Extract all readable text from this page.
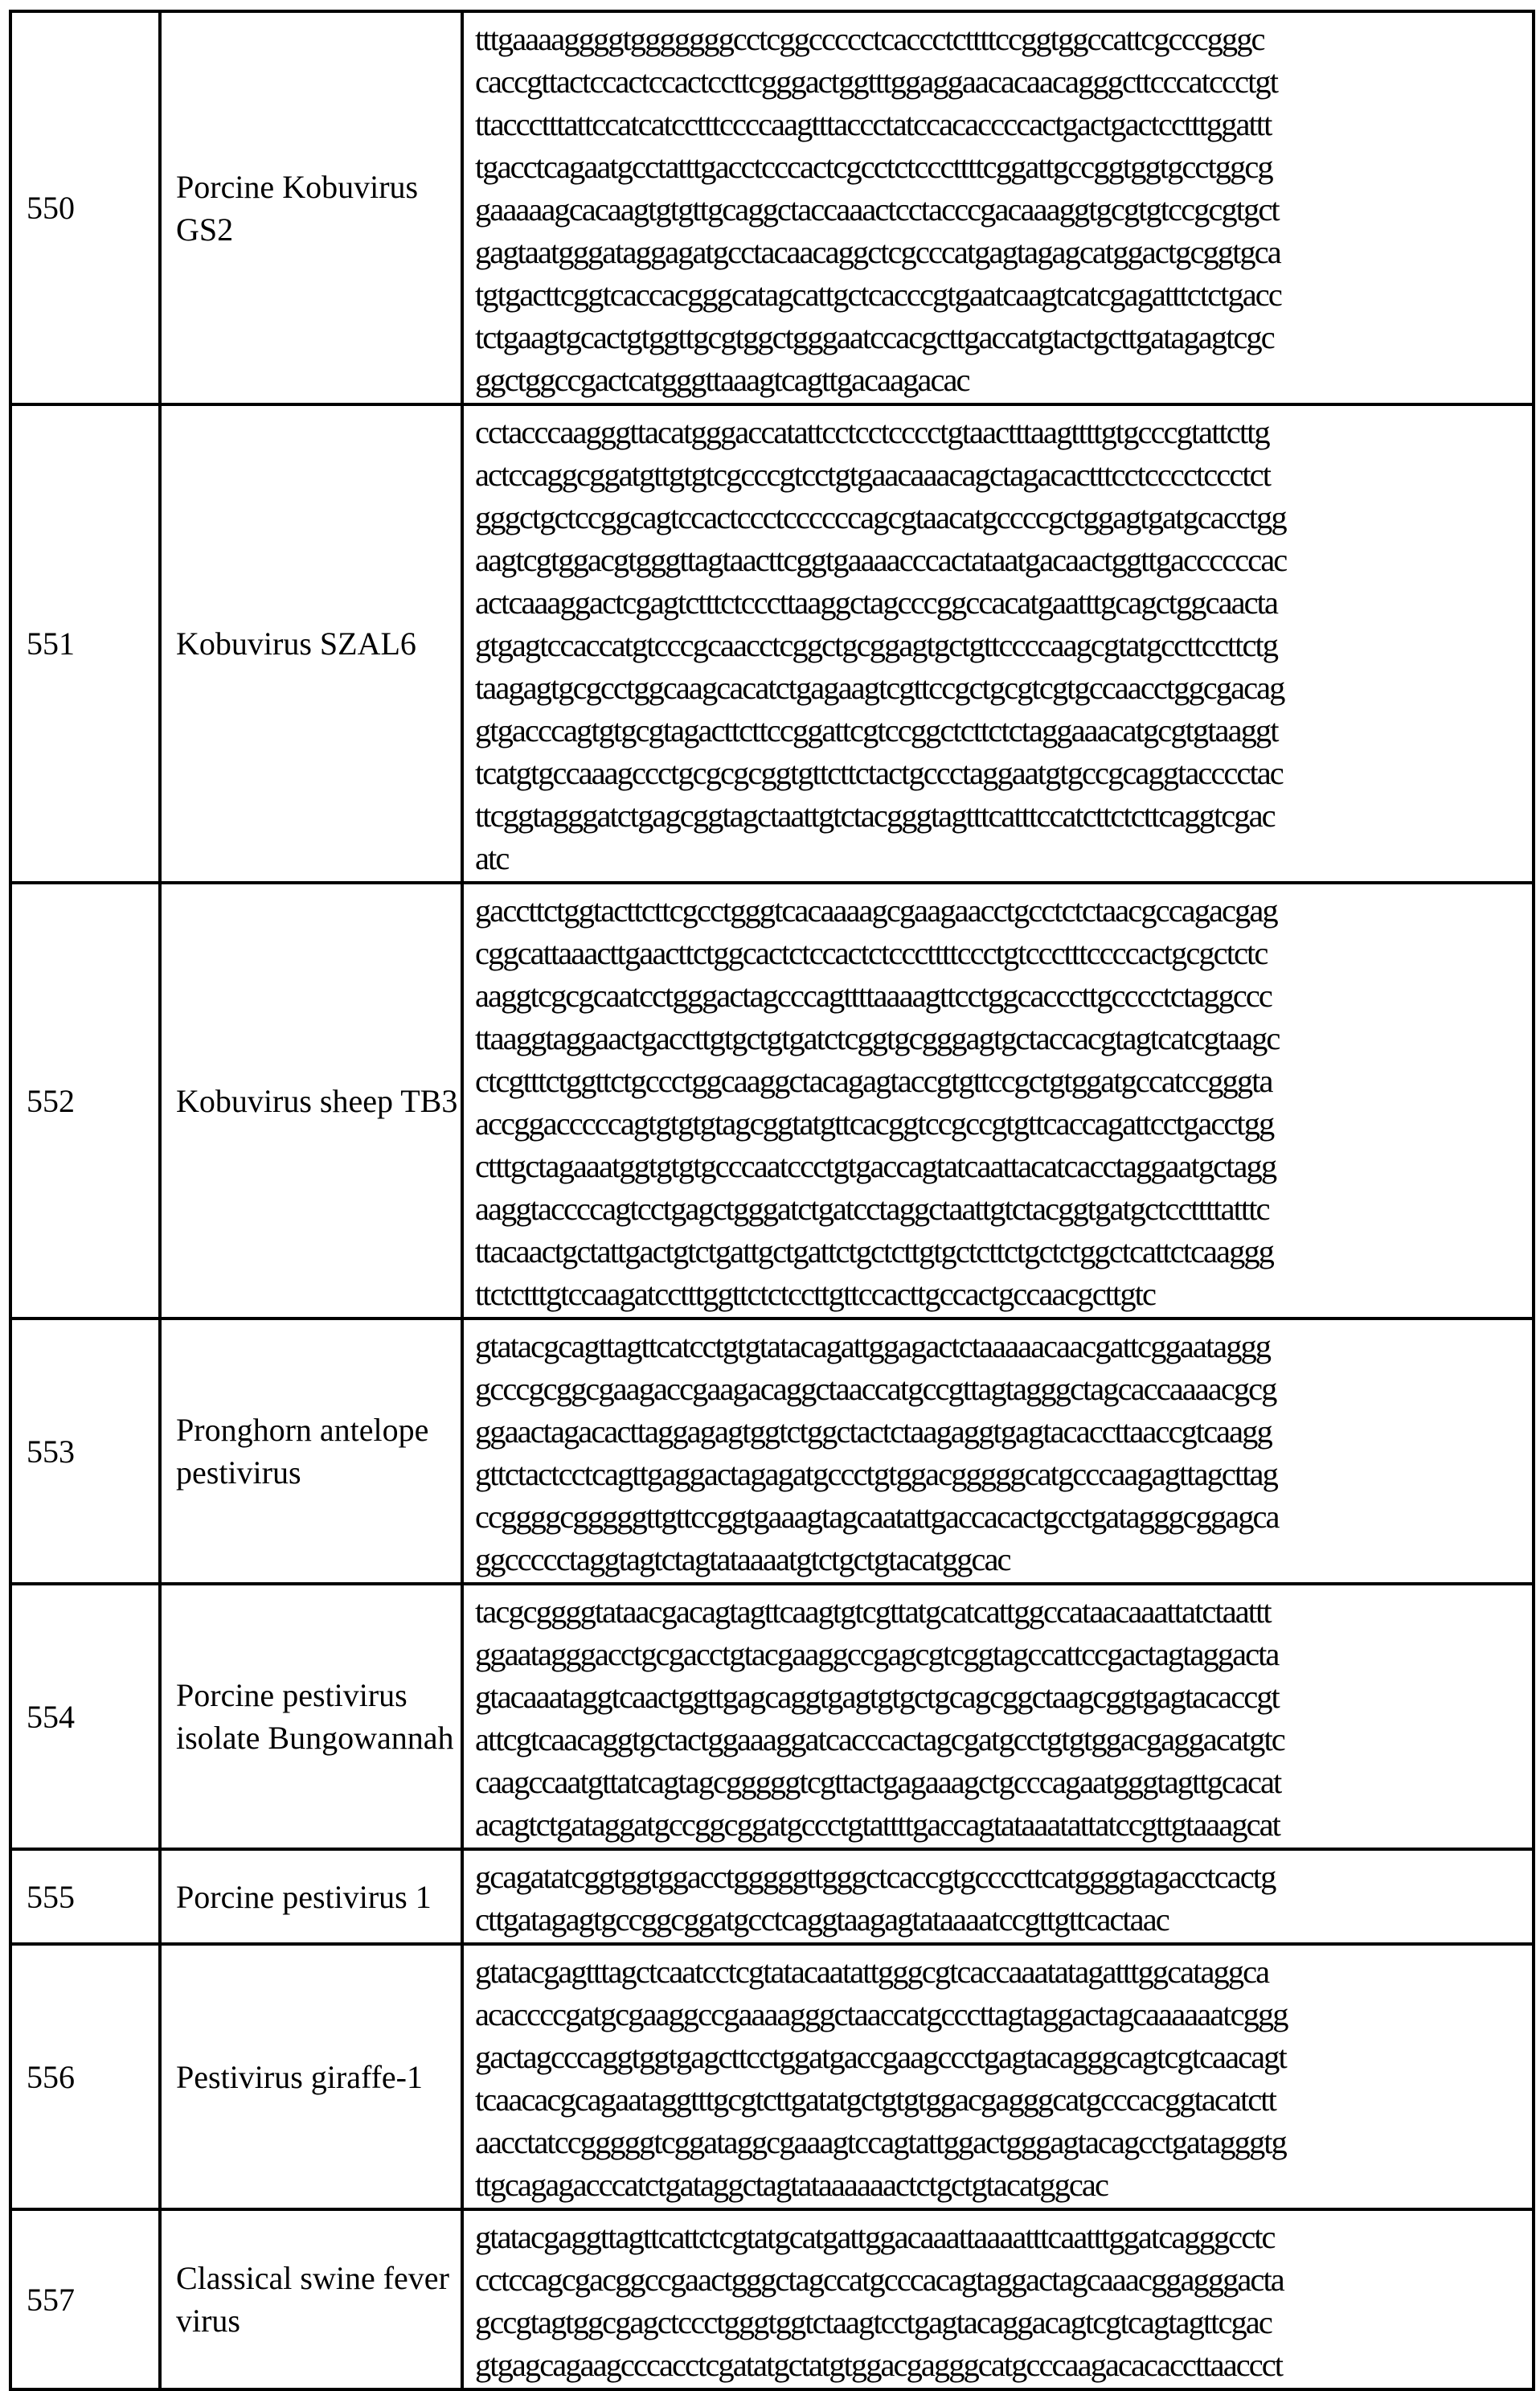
550	Porcine Kobuvirus GS2	
tttgaaaaggggtgggggggcctcggccccctcaccctcttttccggtggccattcgcccgggc
caccgttactccactccactccttcgggactggtttggaggaacacaacagggcttcccatccctgt
ttaccctttattccatcatcctttccccaagtttaccctatccacaccccactgactgactcctttggattt
tgacctcagaatgcctatttgacctcccactcgcctctcccttttcggattgccggtggtgcctggcg
gaaaaagcacaagtgtgttgcaggctaccaaactcctacccgacaaaggtgcgtgtccgcgtgct
gagtaatgggataggagatgcctacaacaggctcgcccatgagtagagcatggactgcggtgca
tgtgacttcggtcaccacgggcatagcattgctcacccgtgaatcaagtcatcgagatttctctgacc
tctgaagtgcactgtggttgcgtggctgggaatccacgcttgaccatgtactgcttgatagagtcgc
ggctggccgactcatgggttaaagtcagttgacaagacac

551	Kobuvirus SZAL6	
cctacccaagggttacatgggaccatattcctcctcccctgtaactttaagttttgtgcccgtattcttg
actccaggcggatgttgtgtcgcccgtcctgtgaacaaacagctagacactttcctcccctccctct
gggctgctccggcagtccactccctccccccagcgtaacatgccccgctggagtgatgcacctgg
aagtcgtggacgtgggttagtaacttcggtgaaaacccactataatgacaactggttgaccccccac
actcaaaggactcgagtctttctcccttaaggctagcccggccacatgaatttgcagctggcaacta
gtgagtccaccatgtcccgcaacctcggctgcggagtgctgttccccaagcgtatgccttccttctg
taagagtgcgcctggcaagcacatctgagaagtcgttccgctgcgtcgtgccaacctggcgacag
gtgacccagtgtgcgtagacttcttccggattcgtccggctcttctctaggaaacatgcgtgtaaggt
tcatgtgccaaagccctgcgcgcggtgttcttctactgccctaggaatgtgccgcaggtacccctac
ttcggtagggatctgagcggtagctaattgtctacgggtagtttcatttccatcttctcttcaggtcgac
atc

552	Kobuvirus sheep TB3	
gaccttctggtacttcttcgcctgggtcacaaaagcgaagaacctgcctctctaacgccagacgag
cggcattaaacttgaacttctggcactctccactctcccttttccctgtccctttccccactgcgctctc
aaggtcgcgcaatcctgggactagcccagttttaaaagttcctggcacccttgcccctctaggccc
ttaaggtaggaactgaccttgtgctgtgatctcggtgcgggagtgctaccacgtagtcatcgtaagc
ctcgtttctggttctgccctggcaaggctacagagtaccgtgttccgctgtggatgccatccgggta
accggacccccagtgtgtgtagcggtatgttcacggtccgccgtgttcaccagattcctgacctgg
ctttgctagaaatggtgtgtgcccaatccctgtgaccagtatcaattacatcacctaggaatgctagg
aaggtaccccagtcctgagctgggatctgatcctaggctaattgtctacggtgatgctccttttatttc
ttacaactgctattgactgtctgattgctgattctgctcttgtgctcttctgctctggctcattctcaaggg
ttctctttgtccaagatcctttggttctctccttgttccacttgccactgccaacgcttgtc

553	Pronghorn antelope pestivirus	
gtatacgcagttagttcatcctgtgtatacagattggagactctaaaaacaacgattcggaataggg
gcccgcggcgaagaccgaagacaggctaaccatgccgttagtagggctagcaccaaaacgcg
ggaactagacacttaggagagtggtctggctactctaagaggtgagtacaccttaaccgtcaagg
gttctactcctcagttgaggactagagatgccctgtggacgggggcatgcccaagagttagcttag
ccggggcgggggttgttccggtgaaagtagcaatattgaccacactgcctgatagggcggagca
ggccccctaggtagtctagtataaaatgtctgctgtacatggcac

554	Porcine pestivirus isolate Bungowannah	
tacgcggggtataacgacagtagttcaagtgtcgttatgcatcattggccataacaaattatctaattt
ggaatagggacctgcgacctgtacgaaggccgagcgtcggtagccattccgactagtaggacta
gtacaaataggtcaactggttgagcaggtgagtgtgctgcagcggctaagcggtgagtacaccgt
attcgtcaacaggtgctactggaaaggatcacccactagcgatgcctgtgtggacgaggacatgtc
caagccaatgttatcagtagcgggggtcgttactgagaaagctgcccagaatgggtagttgcacat
acagtctgataggatgccggcggatgccctgtattttgaccagtataaatattatccgttgtaaagcat

555	Porcine pestivirus 1	gcagatatcggtggtggacctgggggttgggctcaccgtgccccttcatggggtagacctcactg
cttgatagagtgccggcggatgcctcaggtaagagtataaaatccgttgttcactaac

556	Pestivirus giraffe-1	
gtatacgagtttagctcaatcctcgtatacaatattgggcgtcaccaaatatagatttggcataggca
acaccccgatgcgaaggccgaaaagggctaaccatgcccttagtaggactagcaaaaaatcggg
gactagcccaggtggtgagcttcctggatgaccgaagccctgagtacagggcagtcgtcaacagt
tcaacacgcagaataggtttgcgtcttgatatgctgtgtggacgagggcatgcccacggtacatctt
aacctatccgggggtcggataggcgaaagtccagtattggactgggagtacagcctgatagggtg
ttgcagagacccatctgataggctagtataaaaaactctgctgtacatggcac

557	Classical swine fever virus	gtatacgaggttagttcattctcgtatgcatgattggacaaattaaaatttcaatttggatcagggcctc
cctccagcgacggccgaactgggctagccatgcccacagtaggactagcaaacggagggacta
gccgtagtggcgagctccctgggtggtctaagtcctgagtacaggacagtcgtcagtagttcgac
gtgagcagaagcccacctcgatatgctatgtggacgagggcatgcccaagacacaccttaaccct
